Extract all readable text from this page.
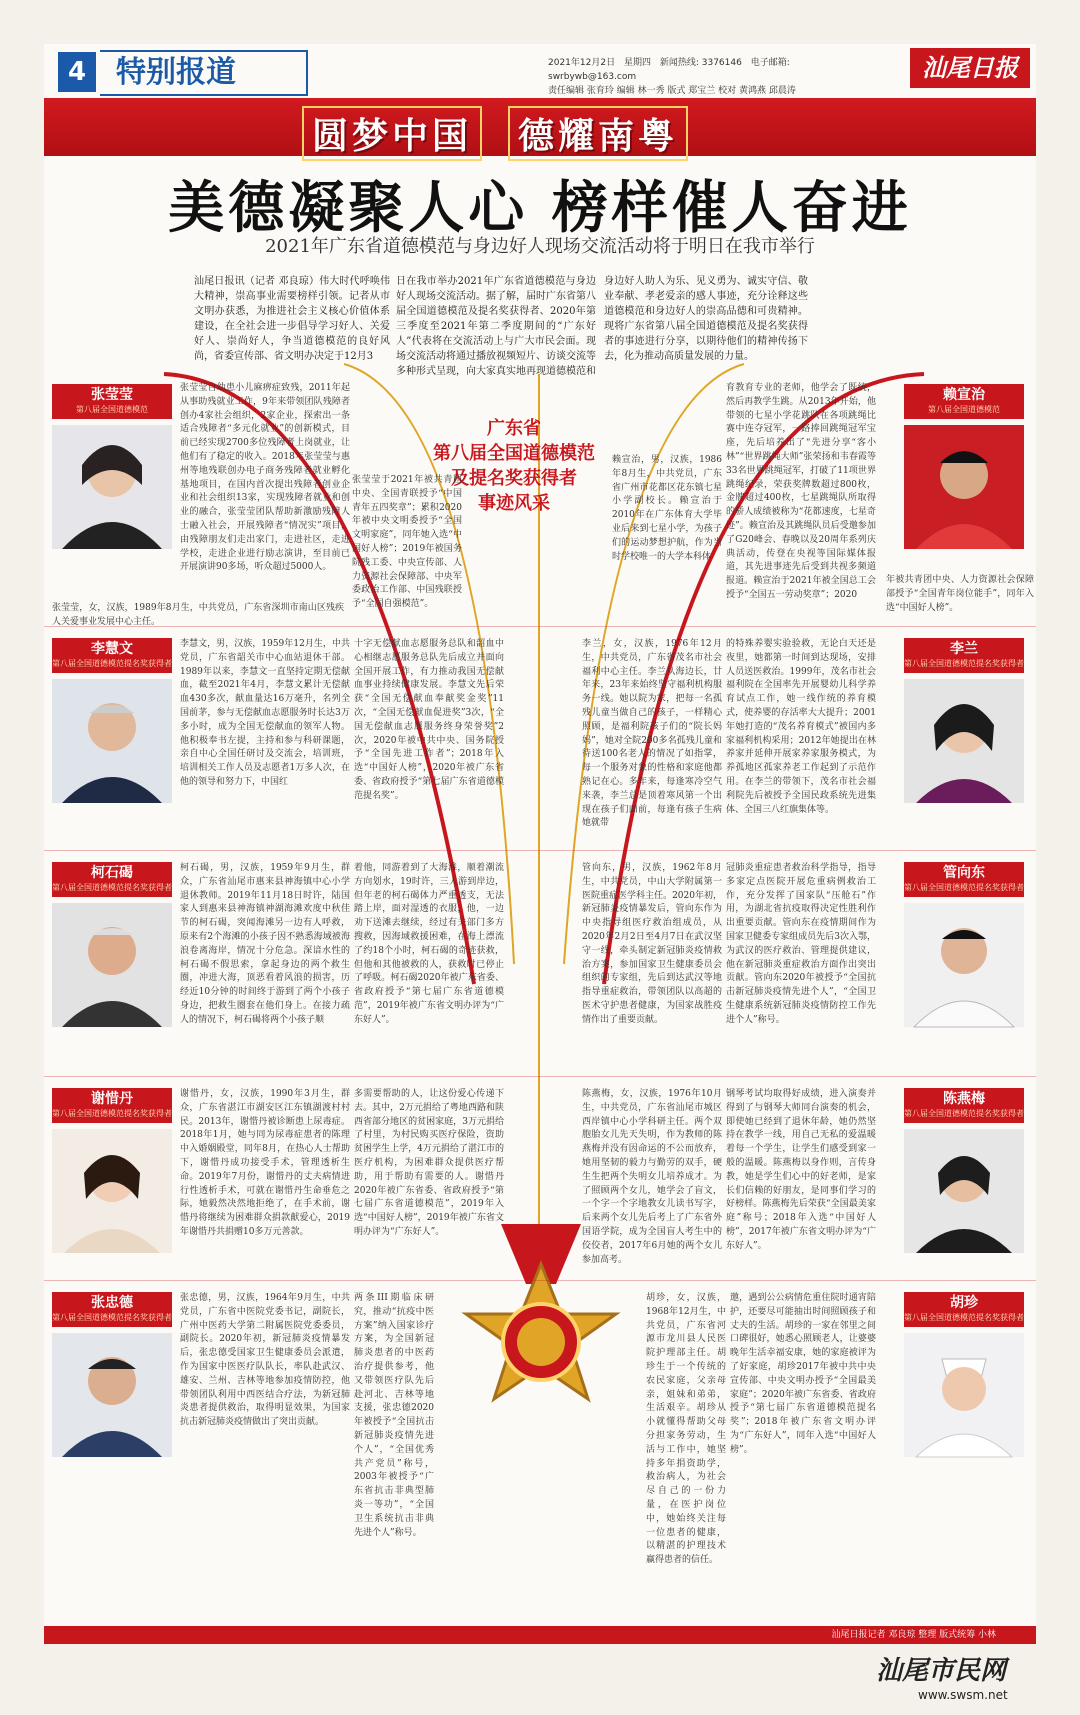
4 特别报道	2021年12月2日 星期四 新闻热线: 3376146 电子邮箱: swrbywb@163.com
责任编辑 张育玲 编辑 林一秀 版式 郑宝兰 校对 黄鸿燕 邱晨涛
汕尾日报
圆梦中国 德耀南粤
美德凝聚人心 榜样催人奋进
2021年广东省道德模范与身边好人现场交流活动将于明日在我市举行
汕尾日报讯（记者 邓良琼）伟大时代呼唤伟大精神，崇高事业需要榜样引领。记者从市文明办获悉，为推进社会主义核心价值体系建设，在全社会进一步倡导学习好人、关爱好人、崇尚好人，争当道德模范的良好风尚，省委宣传部、省文明办决定于12月3
日在我市举办2021年广东省道德模范与身边好人现场交流活动。据了解，届时广东省第八届全国道德模范及提名奖获得者、2020年第三季度至2021年第二季度期间的“广东好人”代表将在交流活动上与广大市民会面。现场交流活动将通过播放视频短片、访谈交流等多种形式呈现，向大家真实地再现道德模范和
身边好人助人为乐、见义勇为、诚实守信、敬业奉献、孝老爱亲的感人事迹，充分诠释这些道德模范和身边好人的崇高品德和可贵精神。现将广东省第八届全国道德模范及提名奖获得者的事迹进行分享，以期待他们的精神传扬下去，化为推动高质量发展的力量。
广东省
第八届全国道德模范
及提名奖获得者
事迹风采
张莹莹
第八届全国道德模范
张莹莹自幼患小儿麻痹症致残，2011年起从事助残就业工作，9年来带领团队残障者创办4家社会组织，2家企业，探索出一条适合残障者“多元化就业”的创新模式，目前已经实现2700多位残障者上岗就业，让他们有了稳定的收入。2018年张莹莹与惠州等地残联创办电子商务残障者就业孵化基地项目，在国内首次提出残障者创业企业和社会组织13家，实现残障者就业和创业的融合，张莹莹团队帮助新激励残障人士融入社会，开展残障者“情况实”项目，由残障朋友们走出家门，走进社区，走进学校，走进企业进行励志演讲，至目前已开展演讲90多场，听众超过5000人。
张莹莹，女，汉族，1989年8月生，中共党员，广东省深圳市南山区残疾人关爱事业发展中心主任。
张莹莹于2021年被共青团中央、全国青联授予“中国青年五四奖章”；累积2020年被中央文明委授予“全国文明家庭”，同年她入选“中国好人榜”；2019年被国务院残工委、中央宣传部、人力资源社会保障部、中央军委政治工作部、中国残联授予“全国自强模范”。
赖宣治，男，汉族，1986年8月生，中共党员，广东省广州市花都区花东镇七星小学副校长。赖宣治于2010年在广东体育大学毕业后来到七星小学，为孩子们的运动梦想护航，作为当时学校唯一的大学本科体
育教育专业的老师，他学会了既统，然后再教学生跳。从2013年开始，他带领的七星小学花跳队在各项跳绳比赛中连夺冠军，一路捧回跳绳冠军宝座，先后培养出了“先进分享“客小林”“世界跳绳大师”张荣扬和韦春霞等33名世界跳绳冠军，打破了11项世界跳绳纪录，荣获奖牌数超过800枚，金牌超过400枚，七星跳绳队所取得的骄人成绩被称为“花都速度，七星奇迹”。赖宣治及其跳绳队员后受邀参加了G20峰会、春晚以及20周年系列庆典活动，传登在央视等国际媒体报道，其先进事迹先后受到共视多频道报道。赖宣治于2021年被全国总工会授予“全国五一劳动奖章”；2020
赖宣治
第八届全国道德模范
年被共青团中央、人力资源社会保障部授予“全国青年岗位能手”，同年入选“中国好人榜”。
李慧文
第八届全国道德模范提名奖获得者
李慧文，男，汉族，1959年12月生，中共党员，广东省韶关市中心血站退休干部。1989年以来，李慧文一直坚持定期无偿献血，截至2021年4月，李慧文累计无偿献血430多次，献血量达16万毫升，名列全国前茅，参与无偿献血志愿服务时长达3万多小时，成为全国无偿献血的领军人物。他积极奉书左提，主持和参与科研课题，亲自中心全国任研讨及交流会，培训班，培训相关工作人员及志愿者1万多人次，在他的领导和努力下，中国红
十字无偿献血志愿服务总队和韶血中心相继志愿服务总队先后成立并面向全国开展工作，有力推动我国无偿献血事业持续健康发展。李慧文先后荣获“全国无偿献血奉献奖金奖”11次，“全国无偿献血促进奖”3次，“全国无偿献血志愿服务终身荣誉奖”2次，2020年被中共中央、国务院授予“全国先进工作者”；2018年入选“中国好人榜”，2020年被广东省委、省政府授予“第七届广东省道德模范提名奖”。
李兰，女，汉族，1976年12月生，中共党员，广东省茂名市社会福利中心主任。李兰从海边长，廿年来，23年来始终坚守福利机构服务一线。她以院为家，把每一名孤残儿童当做自己的孩子，一样精心照顾，是福利院孩子们的“院长妈妈”，她对全院200多名孤残儿童和待送100名老人的情况了如指掌，每一个服务对象的性格和家庭他都熟记在心。多年来，每逢寒冷空气来袭，李兰总是顶着寒风第一个出现在孩子们面前，每逢有孩子生病她就带
的特殊养婴实验验救，无论白天还是夜里，她都第一时间到达现场，安排人员送医救治。1999年，茂名市社会福利院在全国率先开展婴幼儿科学养育试点工作，她一线作统的养育模式，使养婴的存活率大大提升；2001年她打造的“茂名养育模式”被国内多家福利机构采用；2012年她提出在林养家并延伸开展家养家服务模式，为养孤地区孤家养老工作起到了示范作用。在李兰的带领下，茂名市社会福利院先后被授予全国民政系统先进集体、全国三八红旗集体等。
李兰
第八届全国道德模范提名奖获得者
柯石碣
第八届全国道德模范提名奖获得者
柯石碣，男，汉族，1959年9月生，群众，广东省汕尾市惠来县神海镇中心小学退休教师。2019年11月18日时许，陆国家人到惠来县神海镇神湖海滩欢度中秋佳节的柯石碣，突闻海滩另一边有人呼救，原来有2个海滩的小孩子因不熟悉海域被海浪卷离海岸，情况十分危急。深谙水性的柯石碣不假思索，拿起身边的两个救生圈，冲进大海，顶恶看着风浪的损害，历经近10分钟的时间终于游到了两个小孩子身边，把救生圈套在他们身上。在接力疏人的情况下，柯石碣将两个小孩子顺
着他，同游着到了大海滩，顺着潮流方向划水，19时许，三人游到岸边，但年老的柯石碣体力严重透支，无法踏上岸，面对湿透的衣服，他，一边劝下送滩去继续，经过有关部门多方搜救，因海域救援困难，在海上漂流了约18个小时，柯石碣的奇迹获救，但他和其他被救的人，获救时已停止了呼吸。柯石碣2020年被广东省委、省政府授予“第七届广东省道德模范”，2019年被广东省文明办评为“广东好人”。
管向东，男，汉族，1962年8月生，中共党员，中山大学附属第一医院重症医学科主任。2020年初，新冠肺炎疫情暴发后，管向东作为中央指导组医疗救治组成员，从2020年2月2日至4月7日在武汉坚守一线，牵头制定新冠肺炎疫情救治方案，参加国家卫生健康委员会组织的专家组，先后到达武汉等地指导重症救治，带领团队以高超的医术守护患者健康，为国家战胜疫情作出了重要贡献。
冠肺炎重症患者救治科学指导，指导多家定点医院开展危重病例救治工作，充分发挥了国家队“压舱石”作用，为湖北省抗疫取得决定性胜利作出重要贡献。管向东在疫情期间作为国家卫健委专家组成员先后3次入鄂，为武汉的医疗救治、管理提供建议，他在新冠肺炎重症救治方面作出突出贡献。管向东2020年被授予“全国抗击新冠肺炎疫情先进个人”，“全国卫生健康系统新冠肺炎疫情防控工作先进个人”称号。
管向东
第八届全国道德模范提名奖获得者
谢惜丹
第八届全国道德模范提名奖获得者
谢惜丹，女，汉族，1990年3月生，群众，广东省湛江市湖安区江东镇湖渡村村民。2013年，谢惜丹被诊断患上尿毒症。2018年1月，她与同为尿毒症患者的陈理中入婚姻殿堂，同年8月，在热心人士帮助下，谢惜丹成功接受手术，管理透析生命。2019年7月份，谢惜丹的丈夫病情进行性透析手术，可就在谢惜丹生命垂危之际，她毅然决然地拒绝了，在手术前，谢惜丹将继续为困难群众捐款献爱心，2019年谢惜丹共捐赠10多万元善款。
多需要帮助的人，让这份爱心传递下去。其中，2万元捐给了粤地西路和陕西省部分地区的贫困家庭，3万元捐给了村里，为村民购买医疗保险，资助贫困学生上学，4万元捐给了湛江市的医疗机构，为困难群众提供医疗帮助，用于帮助有需要的人。谢惜丹2020年被广东省委、省政府授予“第七届广东省道德模范”，2019年入选“中国好人榜”，2019年被广东省文明办评为“广东好人”。
陈燕梅，女，汉族，1976年10月生，中共党员，广东省汕尾市城区西岸镇中心小学科研主任。两个双胞胎女儿先天失明，作为教师的陈燕梅并没有因命运的不公而放弃，她用坚韧的毅力与勤劳的双手，硬生生把两个失明女儿培养成才。为了照顾两个女儿，她学会了盲文，一个字一个字地教女儿读书写字，后来两个女儿先后考上了广东省外国语学院，成为全国盲人考生中的佼佼者，2017年6月她的两个女儿参加高考。
钢琴考试均取得好成绩，进入演奏并得到了与钢琴大师同台演奏的机会，即使她已经到了退休年龄，她仍然坚持在教学一线，用自己无私的爱温暖着每一个学生，让学生们感受到家一般的温暖。陈燕梅以身作则，言传身教，她是学生们心中的好老师，是家长们信赖的好朋友，是同事们学习的好榜样。陈燕梅先后荣获“全国最美家庭”称号；2018年入选“中国好人榜”，2017年被广东省文明办评为“广东好人”。
陈燕梅
第八届全国道德模范提名奖获得者
张忠德
第八届全国道德模范提名奖获得者
张忠德，男，汉族，1964年9月生，中共党员，广东省中医院党委书记，副院长，广州中医药大学第二附属医院党委委员，副院长。2020年初，新冠肺炎疫情暴发后，张忠德受国家卫生健康委员会派遣，作为国家中医医疗队队长，率队赴武汉、雄安、兰州、吉林等地参加疫情防控，他带领团队利用中西医结合疗法，为新冠肺炎患者提供救治，取得明显效果，为国家抗击新冠肺炎疫情做出了突出贡献。
两条III期临床研究，推动“抗疫中医方案”纳入国家诊疗方案，为全国新冠肺炎患者的中医药治疗提供参考，他又带领医疗队先后赴河北、吉林等地支援，张忠德2020年被授予“全国抗击新冠肺炎疫情先进个人”，“全国优秀共产党员”称号，2003年被授予“广东省抗击非典型肺炎一等功”，“全国卫生系统抗击非典先进个人”称号。
胡珍，女，汉族，1968年12月生，中共党员，广东省河源市龙川县人民医院护理部主任。胡珍生于一个传统的农民家庭，父亲母亲，姐妹和弟弟，生活艰辛。胡珍从小就懂得帮助父母分担家务劳动，生活与工作中，她坚持多年捐资助学，救治病人，为社会尽自己的一份力量，在医护岗位中，她始终关注每一位患者的健康，以精湛的护理技术赢得患者的信任。
邀，遇到公公病情危重住院时通宵陪护，还要尽可能抽出时间照顾孩子和丈夫的生活。胡珍的一家在邻里之间口碑很好，她悉心照顾老人，让婆婆晚年生活幸福安康，她的家庭被评为了好家庭，胡珍2017年被中共中央宣传部、中央文明办授予“全国最美家庭”；2020年被广东省委、省政府授予“第七届广东省道德模范提名奖”；2018年被广东省文明办评为“广东好人”，同年入选“中国好人榜”。
胡珍
第八届全国道德模范提名奖获得者
汕尾日报记者 邓良琼 整理 版式统筹 小林
汕尾市民网
www.swsm.net
